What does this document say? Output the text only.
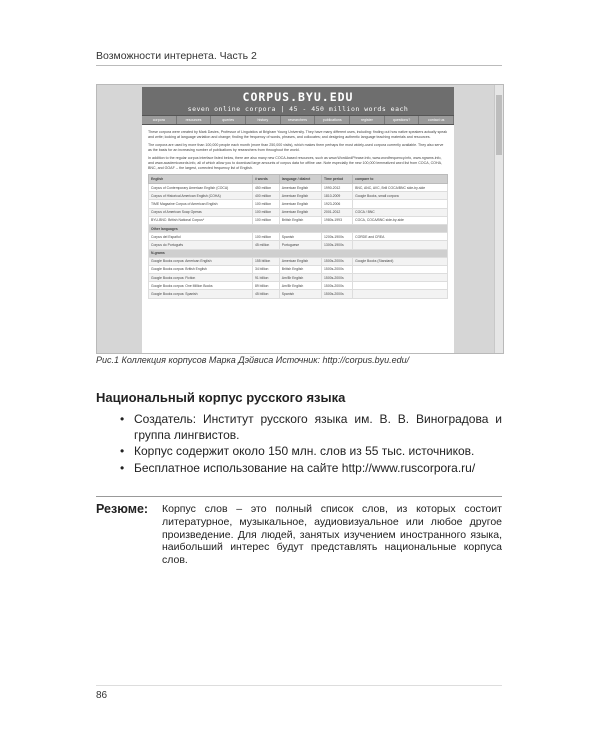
Возможности интернета. Часть 2
CORPUS.BYU.EDU
seven online corpora | 45 - 450 million words each
corpora	resources	queries	history	researchers	publications	register	questions?	contact us

These corpora were created by Mark Davies, Professor of Linguistics at Brigham Young University. They have many different uses, including: finding out how native speakers actually speak and write; looking at language variation and change; finding the frequency of words, phrases, and collocates; and designing authentic language teaching materials and resources.

The corpora are used by more than 100,000 people each month (more than 250,000 visits), which makes them perhaps the most widely-used corpora currently available. They also serve as the basis for an increasing number of publications by researchers from throughout the world.

In addition to the regular corpus interface listed below, there are also many new COCA-based resources, such as www.WordAndPhrase.info, www.wordfrequency.info, www.ngrams.info, and www.academicwords.info, all of which allow you to download large amounts of corpus data for offline use. Note especially the new 100,000 lemmatized word list from COCA, COHA, BNC, and GOAF -- the largest, corrected frequency list of English.

English	# words	language / dialect	Time period	compare to
Corpus of Contemporary American English (COCA)	450 million	American English	1990-2012	BNC, ANC, AVC, Brill COCA/BNC side-by-side
Corpus of Historical American English (COHA)	400 million	American English	1810-2009	Google Books, small corpora
TIME Magazine Corpus of American English	100 million	American English	1923-2006	
Corpus of American Soap Operas	100 million	American English	2001-2012	COCA / BNC
BYU-BNC: British National Corpus*	100 million	British English	1980s-1993	COCA, COCA/BNC side-by-side
Other languages				
Corpus del Español	100 million	Spanish	1200s-1900s	CORDE and CREA
Corpus do Português	45 million	Portuguese	1300s-1900s	
N-grams				
Google Books corpus: American English	155 billion	American English	1500s-2000s	Google Books (Standard)
Google Books corpus: British English	34 billion	British English	1500s-2000s	
Google Books corpus: Fiction	91 billion	Am/Br English	1500s-2000s	
Google Books corpus: One Million Books	89 billion	Am/Br English	1500s-2000s	
Google Books corpus: Spanish	45 billion	Spanish	1500s-2000s	
Рис.1 Коллекция корпусов Марка Дэйвиса Источник: http://corpus.byu.edu/
Национальный корпус русского языка
• Создатель: Институт русского языка им. В. В. Виноградова и группа лингвистов.
• Корпус содержит около 150 млн. слов из 55 тыс. источников.
• Бесплатное использование на сайте http://www.ruscorpora.ru/
Резюме: Корпус слов – это полный список слов, из которых состоит литературное, музыкальное, аудиовизуальное или любое другое произведение. Для людей, занятых изучением иностранного языка, наибольший интерес будут представлять национальные корпуса слов.

86
